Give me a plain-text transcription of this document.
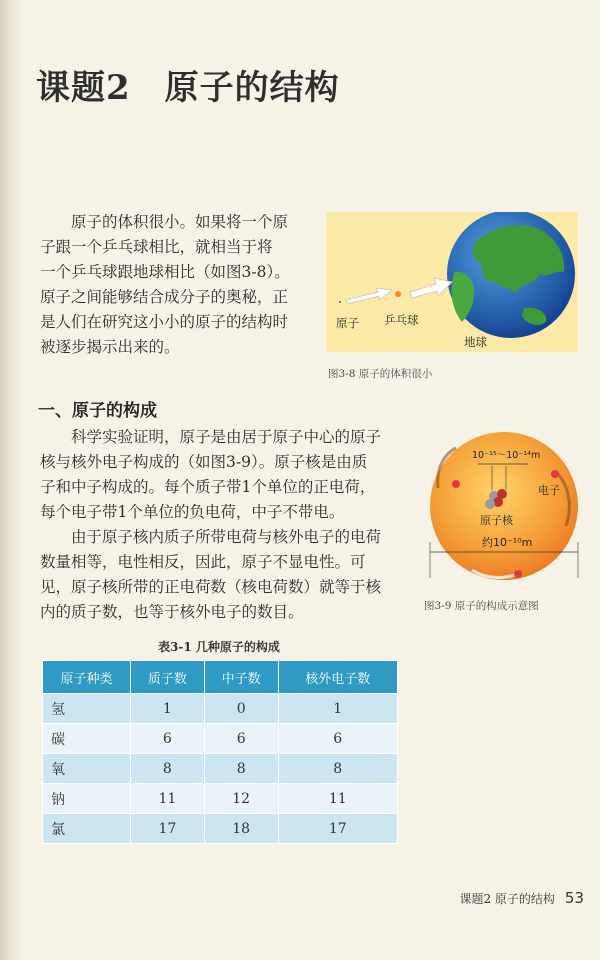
课题2 原子的结构
原子的体积很小。如果将一个原
子跟一个乒乓球相比，就相当于将
一个乒乓球跟地球相比（如图3-8）。
原子之间能够结合成分子的奥秘，正
是人们在研究这小小的原子的结构时
被逐步揭示出来的。
原子 乒乓球
地球
图3-8 原子的体积很小
一、原子的构成
科学实验证明，原子是由居于原子中心的原子
核与核外电子构成的（如图3-9）。原子核是由质
子和中子构成的。每个质子带1个单位的正电荷，
每个电子带1个单位的负电荷，中子不带电。
由于原子核内质子所带电荷与核外电子的电荷
数量相等，电性相反，因此，原子不显电性。可
见，原子核所带的正电荷数（核电荷数）就等于核
内的质子数，也等于核外电子的数目。
10⁻¹⁵～10⁻¹⁴m
电子
原子核
约10⁻¹⁰m
图3-9 原子的构成示意图
表3-1 几种原子的构成
原子种类	质子数	中子数	核外电子数
氢	1	0	1
碳	6	6	6
氧	8	8	8
钠	11	12	11
氯	17	18	17
课题2 原子的结构 53
